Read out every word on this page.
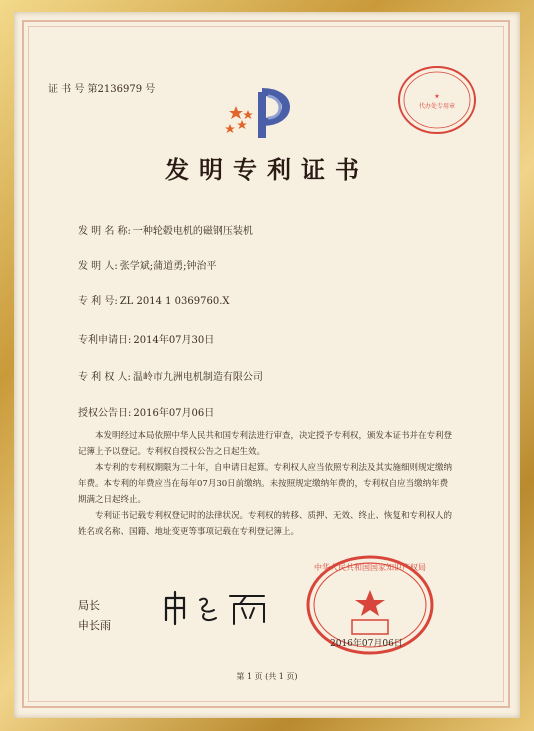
证 书 号 第2136979 号
★
代办处专用章
发明专利证书
发 明 名 称: 一种轮毂电机的磁钢压装机
发 明 人: 张学斌;蒲道勇;钟治平
专 利 号: ZL 2014 1 0369760.X
专利申请日: 2014年07月30日
专 利 权 人: 温岭市九洲电机制造有限公司
授权公告日: 2016年07月06日

本发明经过本局依照中华人民共和国专利法进行审查，决定授予专利权，颁发本证书并在专利登记簿上予以登记。专利权自授权公告之日起生效。

本专利的专利权期限为二十年，自申请日起算。专利权人应当依照专利法及其实施细则规定缴纳年费。本专利的年费应当在每年07月30日前缴纳。未按照规定缴纳年费的，专利权自应当缴纳年费期满之日起终止。

专利证书记载专利权登记时的法律状况。专利权的转移、质押、无效、终止、恢复和专利权人的姓名或名称、国籍、地址变更等事项记载在专利登记簿上。

局长
申长雨
中华人民共和国国家知识产权局
2016年07月06日
第 1 页 (共 1 页)
